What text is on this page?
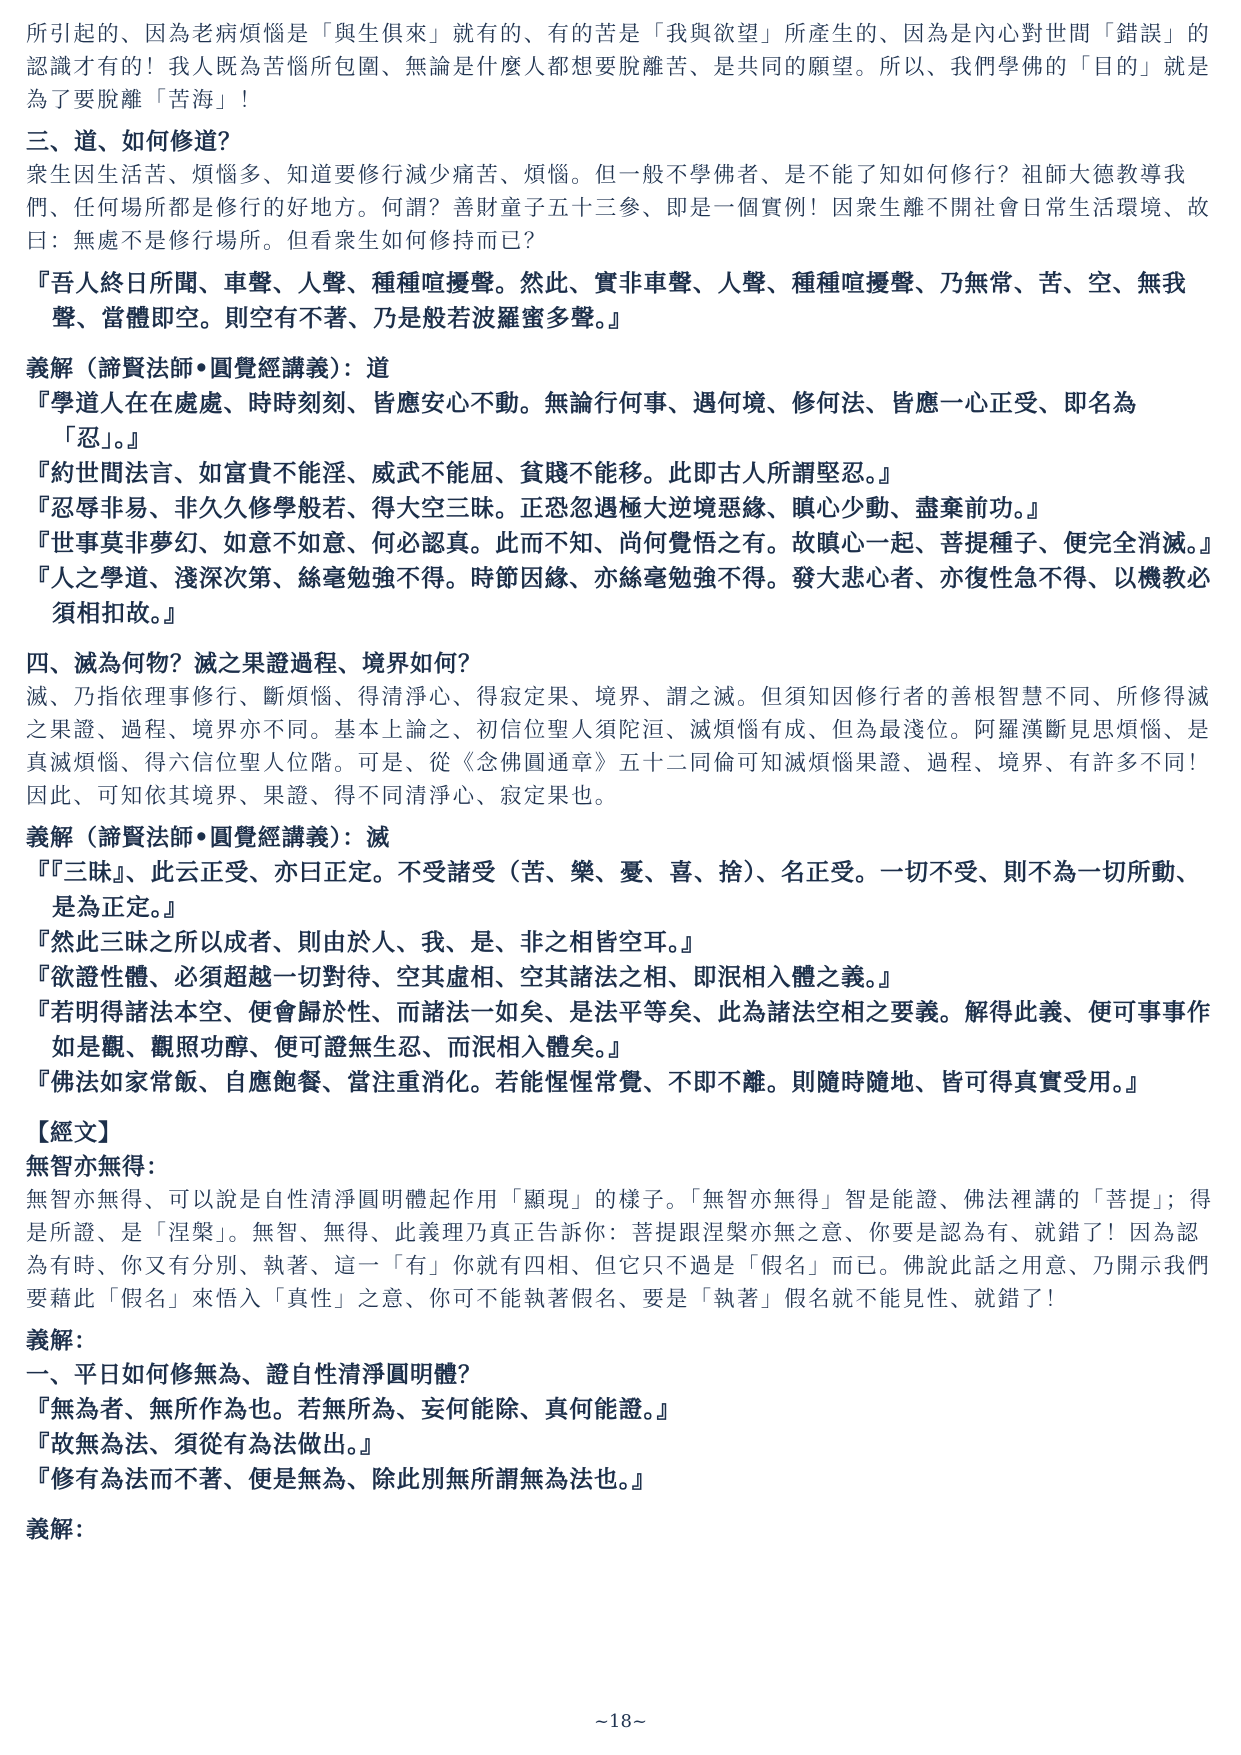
所引起的、因為老病煩惱是「與生俱來」就有的、有的苦是「我與欲望」所產生的、因為是內心對世間「錯誤」的認識才有的！我人既為苦惱所包圍、無論是什麼人都想要脫離苦、是共同的願望。所以、我們學佛的「目的」就是為了要脫離「苦海」！

三、道、如何修道？

衆生因生活苦、煩惱多、知道要修行減少痛苦、煩惱。但一般不學佛者、是不能了知如何修行？祖師大德教導我們、任何場所都是修行的好地方。何謂？善財童子五十三參、即是一個實例！因衆生離不開社會日常生活環境、故曰：無處不是修行場所。但看衆生如何修持而已？

『吾人終日所聞、車聲、人聲、種種喧擾聲。然此、實非車聲、人聲、種種喧擾聲、乃無常、苦、空、無我聲、當體即空。則空有不著、乃是般若波羅蜜多聲。』

義解（諦賢法師•圓覺經講義）：道

『學道人在在處處、時時刻刻、皆應安心不動。無論行何事、遇何境、修何法、皆應一心正受、即名為「忍」。』

『約世間法言、如富貴不能淫、威武不能屈、貧賤不能移。此即古人所謂堅忍。』

『忍辱非易、非久久修學般若、得大空三昧。正恐忽遇極大逆境惡緣、瞋心少動、盡棄前功。』

『世事莫非夢幻、如意不如意、何必認真。此而不知、尚何覺悟之有。故瞋心一起、菩提種子、便完全消滅。』

『人之學道、淺深次第、絲毫勉強不得。時節因緣、亦絲毫勉強不得。發大悲心者、亦復性急不得、以機教必須相扣故。』

四、滅為何物？滅之果證過程、境界如何？

滅、乃指依理事修行、斷煩惱、得清淨心、得寂定果、境界、謂之滅。但須知因修行者的善根智慧不同、所修得滅之果證、過程、境界亦不同。基本上論之、初信位聖人須陀洹、滅煩惱有成、但為最淺位。阿羅漢斷見思煩惱、是真滅煩惱、得六信位聖人位階。可是、從《念佛圓通章》五十二同倫可知滅煩惱果證、過程、境界、有許多不同！因此、可知依其境界、果證、得不同清淨心、寂定果也。

義解（諦賢法師•圓覺經講義）：滅

『『三昧』、此云正受、亦曰正定。不受諸受（苦、樂、憂、喜、捨）、名正受。一切不受、則不為一切所動、是為正定。』

『然此三昧之所以成者、則由於人、我、是、非之相皆空耳。』

『欲證性體、必須超越一切對待、空其虛相、空其諸法之相、即泯相入體之義。』

『若明得諸法本空、便會歸於性、而諸法一如矣、是法平等矣、此為諸法空相之要義。解得此義、便可事事作如是觀、觀照功醇、便可證無生忍、而泯相入體矣。』

『佛法如家常飯、自應飽餐、當注重消化。若能惺惺常覺、不即不離。則隨時隨地、皆可得真實受用。』

【經文】

無智亦無得：

無智亦無得、可以說是自性清淨圓明體起作用「顯現」的樣子。「無智亦無得」智是能證、佛法裡講的「菩提」；得是所證、是「涅槃」。無智、無得、此義理乃真正告訴你：菩提跟涅槃亦無之意、你要是認為有、就錯了！因為認為有時、你又有分別、執著、這一「有」你就有四相、但它只不過是「假名」而已。佛說此話之用意、乃開示我們要藉此「假名」來悟入「真性」之意、你可不能執著假名、要是「執著」假名就不能見性、就錯了！

義解：

一、平日如何修無為、證自性清淨圓明體？

『無為者、無所作為也。若無所為、妄何能除、真何能證。』

『故無為法、須從有為法做出。』

『修有為法而不著、便是無為、除此別無所謂無為法也。』

義解：

~18~
